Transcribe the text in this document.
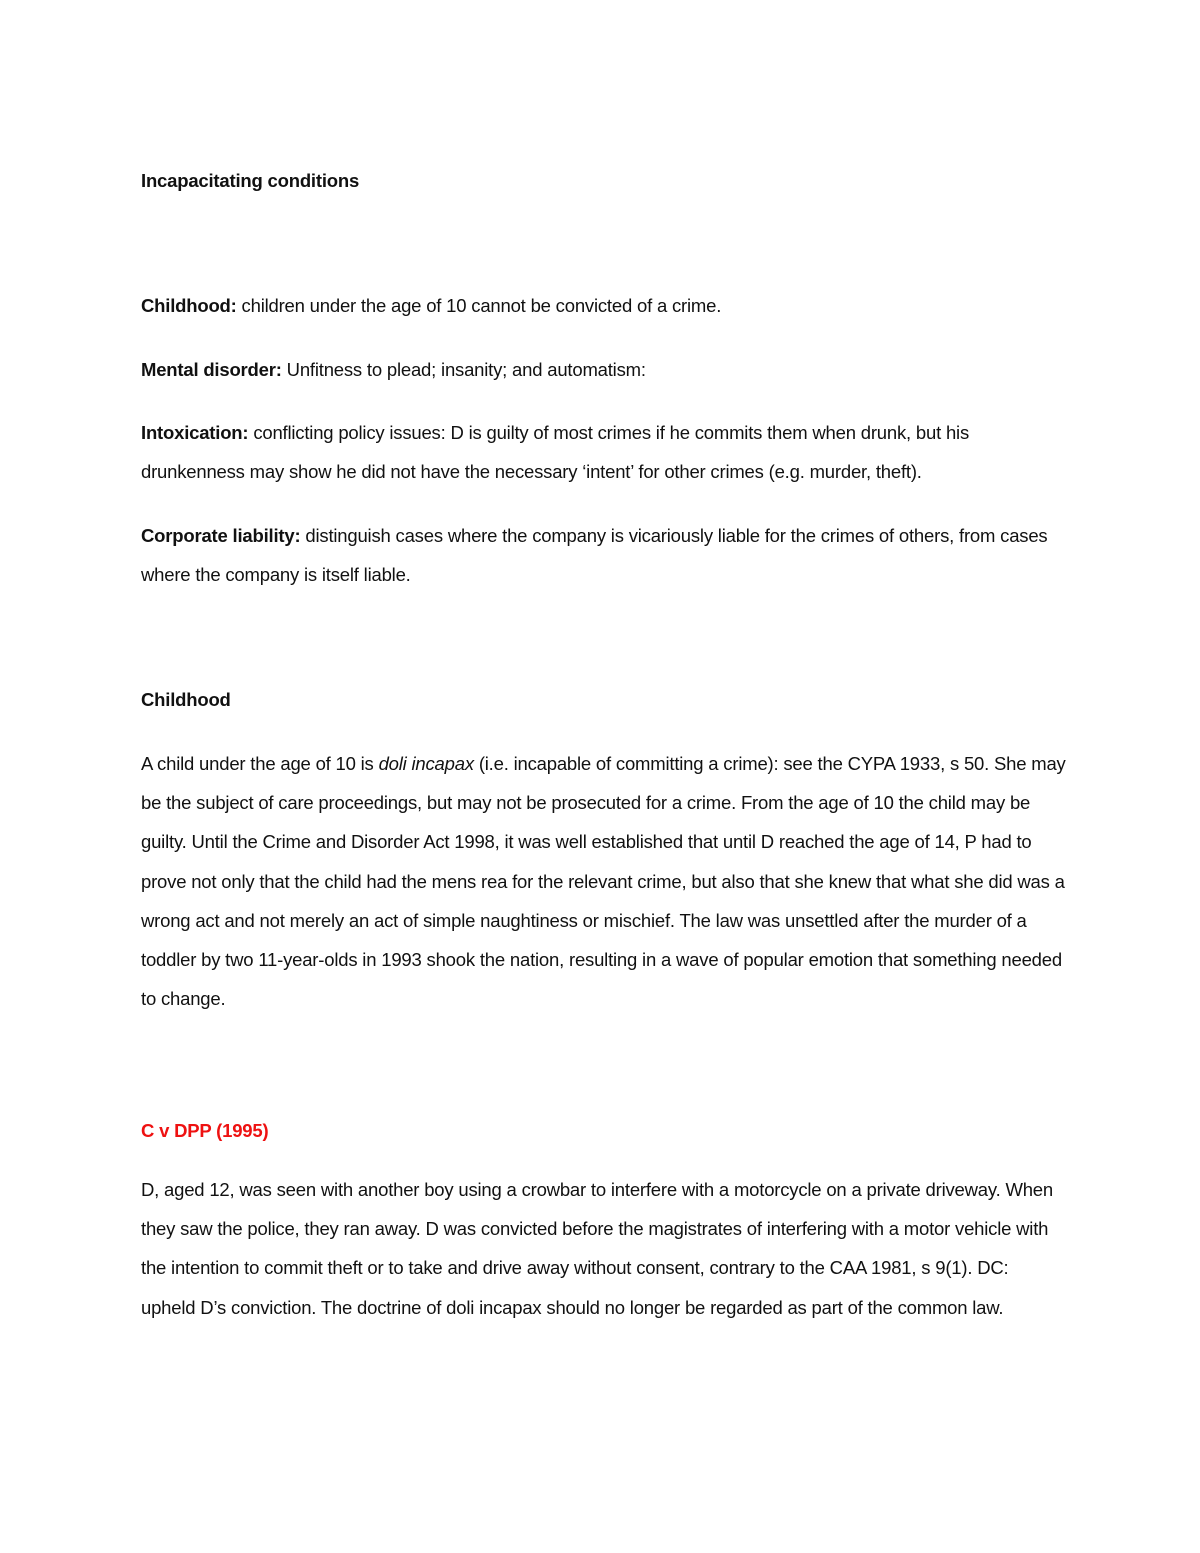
Incapacitating conditions
Childhood: children under the age of 10 cannot be convicted of a crime.
Mental disorder: Unfitness to plead; insanity; and automatism:
Intoxication: conflicting policy issues: D is guilty of most crimes if he commits them when drunk, but his drunkenness may show he did not have the necessary ‘intent’ for other crimes (e.g. murder, theft).
Corporate liability: distinguish cases where the company is vicariously liable for the crimes of others, from cases where the company is itself liable.
Childhood
A child under the age of 10 is doli incapax (i.e. incapable of committing a crime): see the CYPA 1933, s 50. She may be the subject of care proceedings, but may not be prosecuted for a crime. From the age of 10 the child may be guilty. Until the Crime and Disorder Act 1998, it was well established that until D reached the age of 14, P had to prove not only that the child had the mens rea for the relevant crime, but also that she knew that what she did was a wrong act and not merely an act of simple naughtiness or mischief. The law was unsettled after the murder of a toddler by two 11-year-olds in 1993 shook the nation, resulting in a wave of popular emotion that something needed to change.
C v DPP (1995)
D, aged 12, was seen with another boy using a crowbar to interfere with a motorcycle on a private driveway. When they saw the police, they ran away. D was convicted before the magistrates of interfering with a motor vehicle with the intention to commit theft or to take and drive away without consent, contrary to the CAA 1981, s 9(1). DC: upheld D’s conviction. The doctrine of doli incapax should no longer be regarded as part of the common law.
